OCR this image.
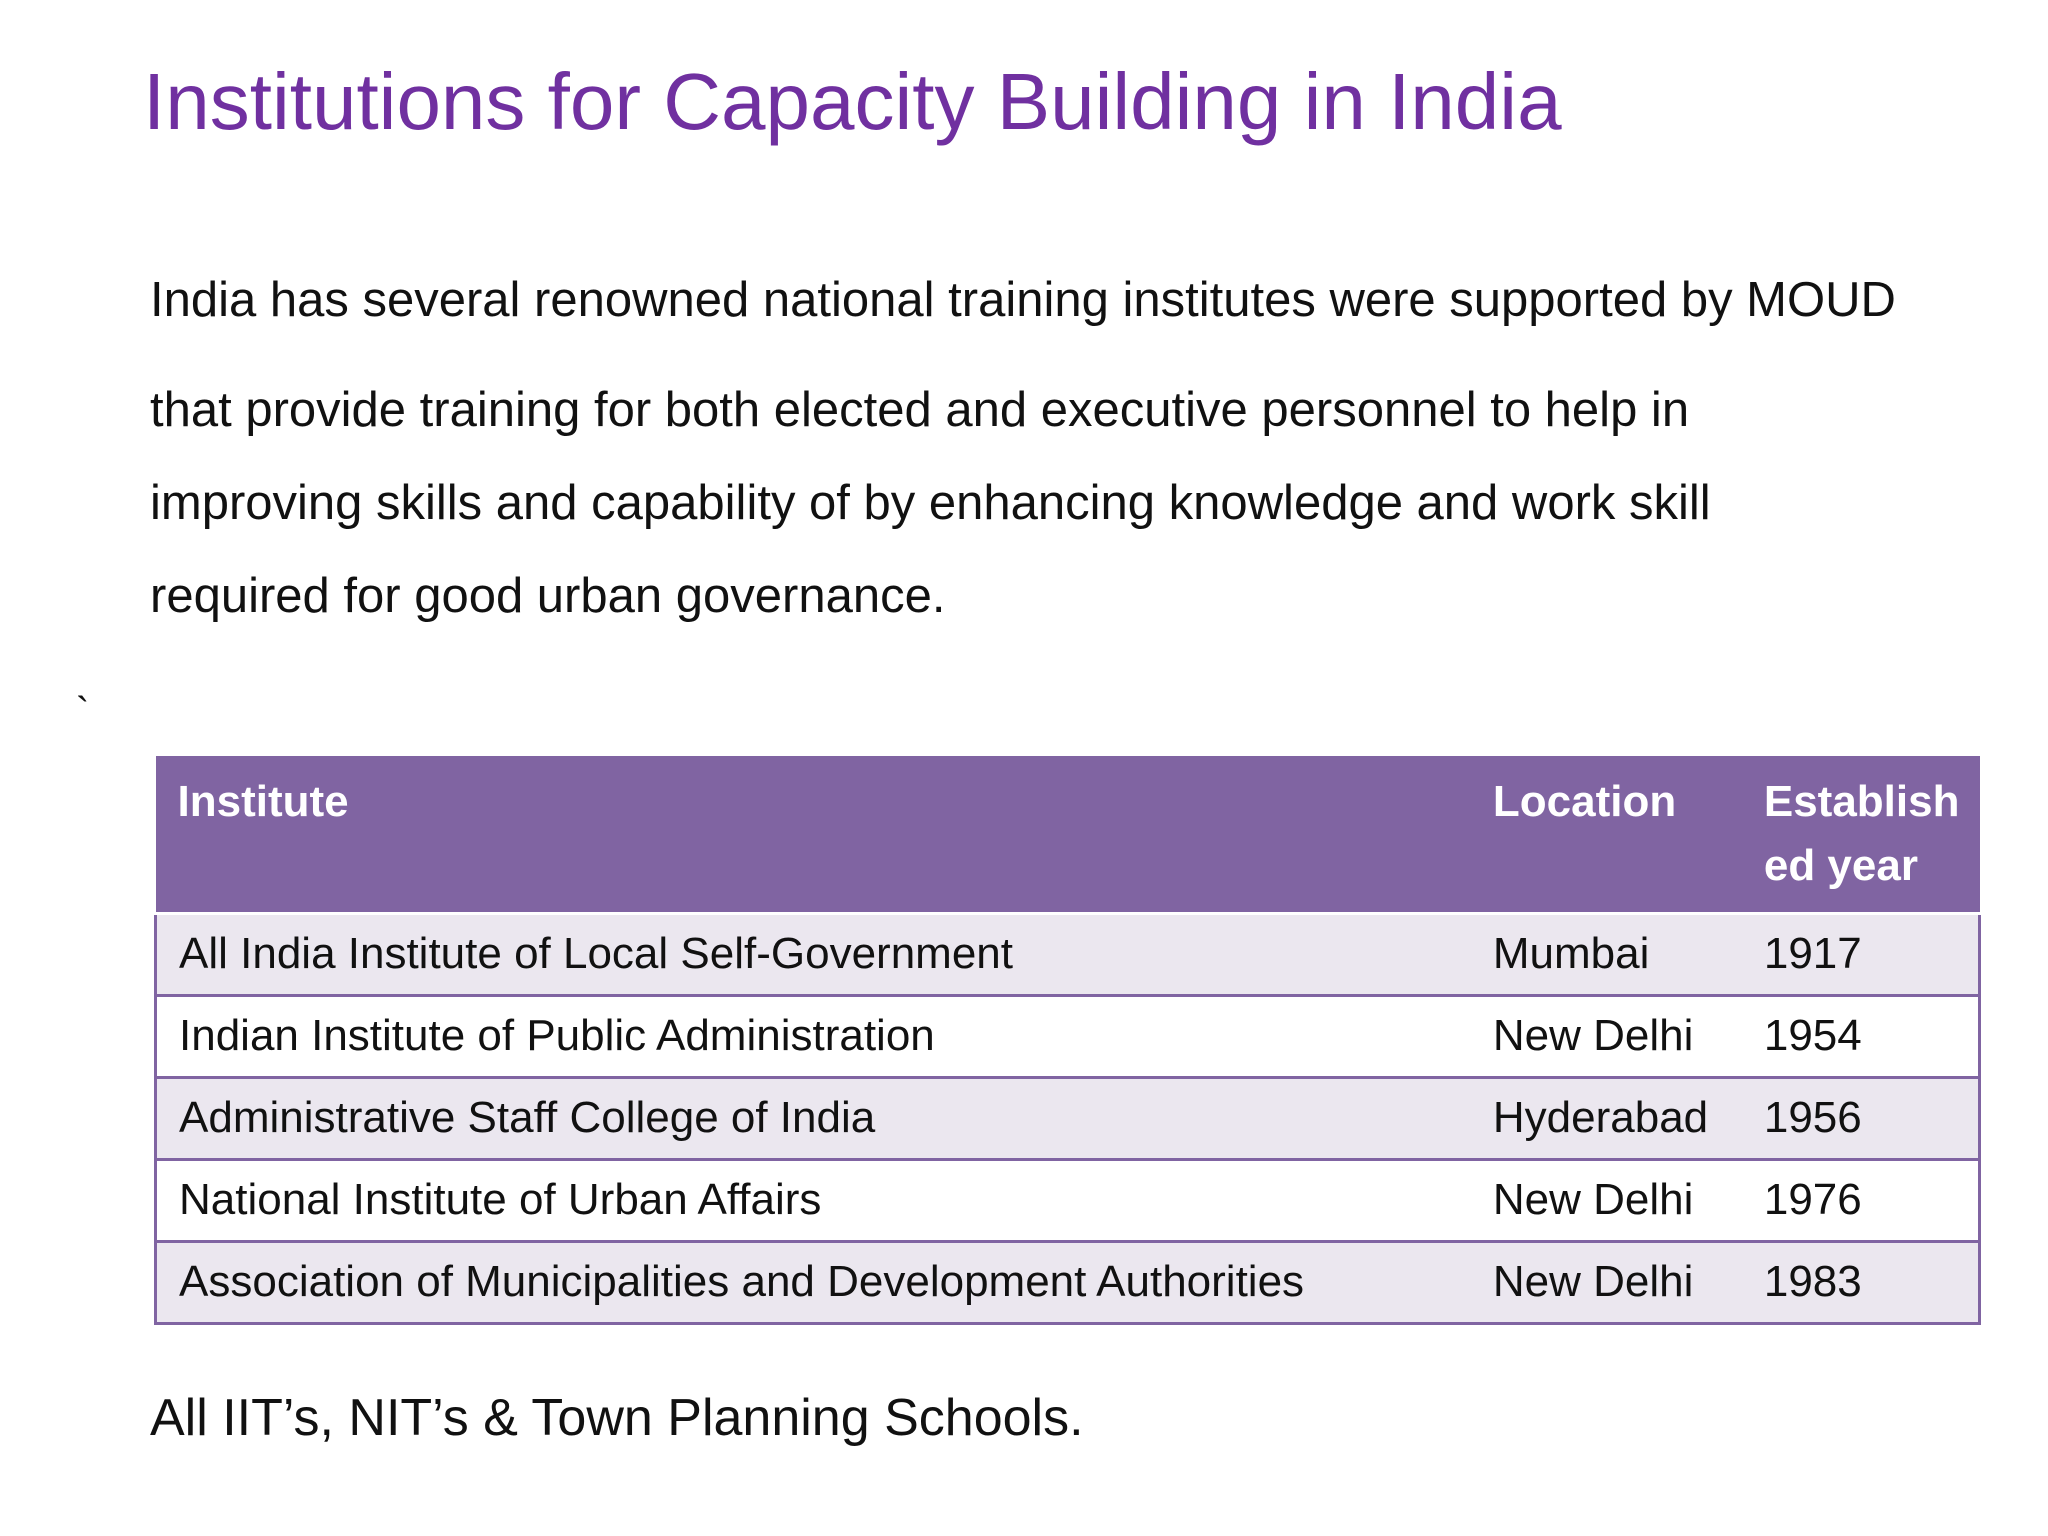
Institutions for Capacity Building in India
India has several renowned national training institutes were supported by MOUD
that provide training for both elected and executive personnel to help in
improving skills and capability of by enhancing knowledge and work skill
required for good urban governance.
`
Institute	Location	Establish
ed year
All India Institute of Local Self-Government	Mumbai	1917
Indian Institute of Public Administration	New Delhi	1954
Administrative Staff College of India	Hyderabad	1956
National Institute of Urban Affairs	New Delhi	1976
Association of Municipalities and Development Authorities	New Delhi	1983
All IIT’s, NIT’s & Town Planning Schools.
